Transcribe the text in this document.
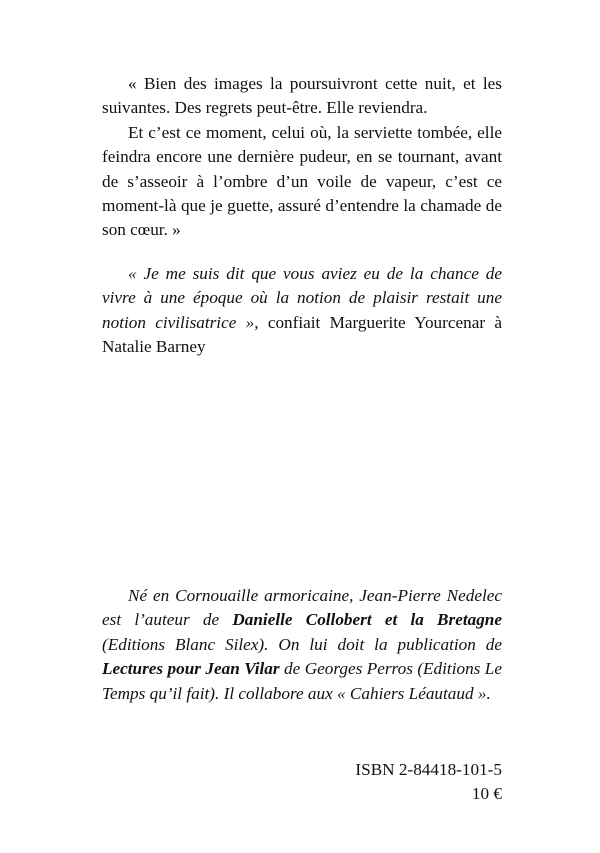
« Bien des images la poursuivront cette nuit, et les suivantes. Des regrets peut-être. Elle reviendra.

Et c’est ce moment, celui où, la serviette tombée, elle feindra encore une dernière pudeur, en se tournant, avant de s’asseoir à l’ombre d’un voile de vapeur, c’est ce moment-là que je guette, assuré d’entendre la chamade de son cœur. »

« Je me suis dit que vous aviez eu de la chance de vivre à une époque où la notion de plaisir restait une notion civilisatrice », confiait Marguerite Yourcenar à Natalie Barney

Né en Cornouaille armoricaine, Jean-Pierre Nedelec est l’auteur de Danielle Collobert et la Bretagne (Editions Blanc Silex). On lui doit la publication de Lectures pour Jean Vilar de Georges Perros (Editions Le Temps qu’il fait). Il collabore aux « Cahiers Léautaud ».

ISBN 2-84418-101-5
10 €
